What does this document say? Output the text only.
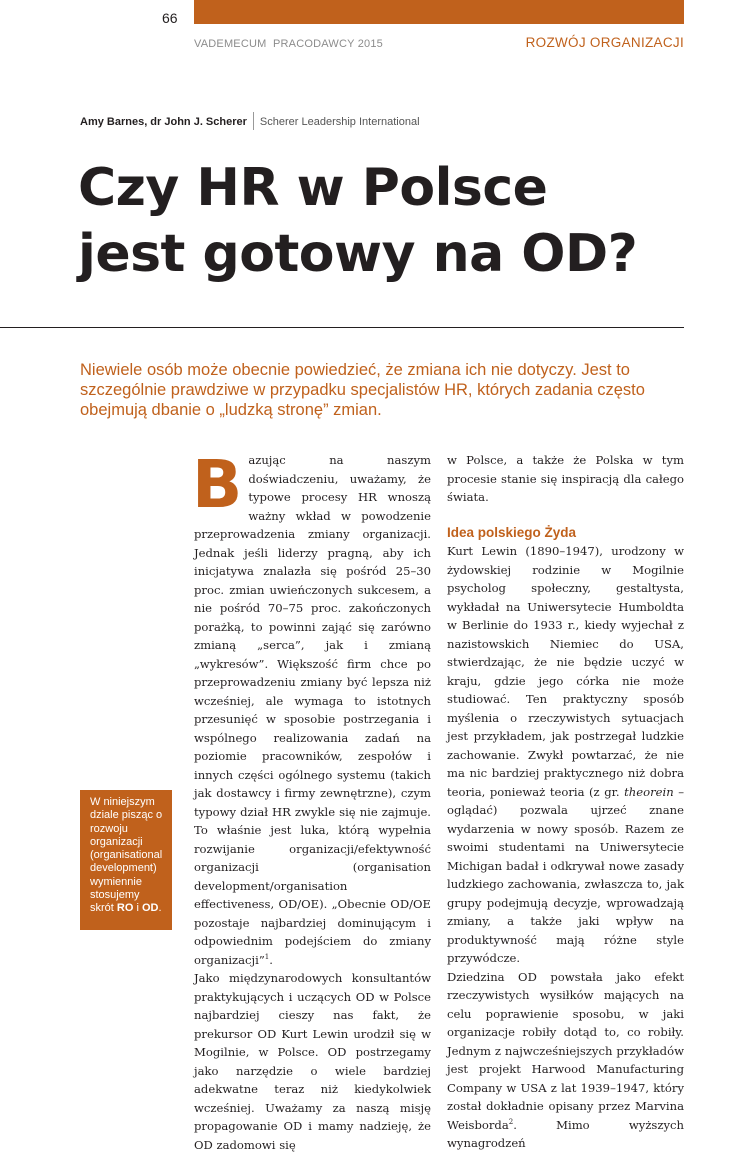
66
VADEMECUM  PRACODAWCY 2015	ROZWÓJ ORGANIZACJI
Amy Barnes, dr John J. Scherer Scherer Leadership International
Czy HR w Polsce
jest gotowy na OD?

Niewiele osób może obecnie powiedzieć, że zmiana ich nie dotyczy. Jest to szczególnie prawdziwe w przypadku specjalistów HR, których zadania często obejmują dbanie o „ludzką stronę” zmian.

W niniejszym dziale pisząc o rozwoju organizacji (organisational development) wymiennie stosujemy skrót RO i OD.

Bazując na naszym doświadczeniu, uważamy, że typowe procesy HR wnoszą ważny wkład w powodzenie przeprowadzenia zmiany organizacji. Jednak jeśli liderzy pragną, aby ich inicjatywa znalazła się pośród 25–30 proc. zmian uwieńczonych sukcesem, a nie pośród 70–75 proc. zakończonych porażką, to powinni zająć się zarówno zmianą „serca”, jak i zmianą „wykresów”. Większość firm chce po przeprowadzeniu zmiany być lepsza niż wcześniej, ale wymaga to istotnych przesunięć w sposobie postrzegania i wspólnego realizowania zadań na poziomie pracowników, zespołów i innych części ogólnego systemu (takich jak dostawcy i firmy zewnętrzne), czym typowy dział HR zwykle się nie zajmuje. To właśnie jest luka, którą wypełnia rozwijanie organizacji/efektywność organizacji (organisation development/organisation effectiveness, OD/OE). „Obecnie OD/OE pozostaje najbardziej dominującym i odpowiednim podejściem do zmiany organizacji”$^1$.

Jako międzynarodowych konsultantów praktykujących i uczących OD w Polsce najbardziej cieszy nas fakt, że prekursor OD Kurt Lewin urodził się w Mogilnie, w Polsce. OD postrzegamy jako narzędzie o wiele bardziej adekwatne teraz niż kiedykolwiek wcześniej. Uważamy za naszą misję propagowanie OD i mamy nadzieję, że OD zadomowi się

w Polsce, a także że Polska w tym procesie stanie się inspiracją dla całego świata.

Idea polskiego Żyda

Kurt Lewin (1890–1947), urodzony w żydowskiej rodzinie w Mogilnie psycholog społeczny, gestaltysta, wykładał na Uniwersytecie Humboldta w Berlinie do 1933 r., kiedy wyjechał z nazistowskich Niemiec do USA, stwierdzając, że nie będzie uczyć w kraju, gdzie jego córka nie może studiować. Ten praktyczny sposób myślenia o rzeczywistych sytuacjach jest przykładem, jak postrzegał ludzkie zachowanie. Zwykł powtarzać, że nie ma nic bardziej praktycznego niż dobra teoria, ponieważ teoria (z gr. theorein – oglądać) pozwala ujrzeć znane wydarzenia w nowy sposób. Razem ze swoimi studentami na Uniwersytecie Michigan badał i odkrywał nowe zasady ludzkiego zachowania, zwłaszcza to, jak grupy podejmują decyzje, wprowadzają zmiany, a także jaki wpływ na produktywność mają różne style przywódcze.

Dziedzina OD powstała jako efekt rzeczywistych wysiłków mających na celu poprawienie sposobu, w jaki organizacje robiły dotąd to, co robiły. Jednym z najwcześniejszych przykładów jest projekt Harwood Manufacturing Company w USA z lat 1939–1947, który został dokładnie opisany przez Marvina Weisborda$^2$. Mimo wyższych wynagrodzeń
